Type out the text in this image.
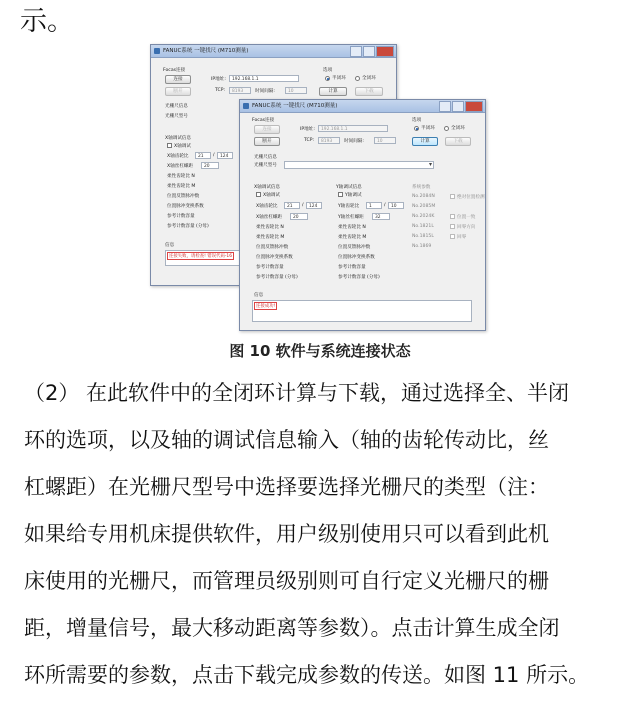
示。
FANUC系统 一键找尺 (M710测量)
Focas连接
连接	IP地址:	192.168.1.1
断开	TCP:	8193	时间间隔:	10
选项
半闭环	全闭环
计算	下载
光栅尺信息
光栅尺型号
X轴调试信息
X轴调试
X轴齿轮比	21	/	124
X轴丝杠螺距	20
柔性齿轮比 N
柔性齿轮比 M
位置反馈脉冲数
位置脉冲变换系数
参考计数容量
参考计数容量 (分母)
信息
连接失败，请检查! 错误代码-16
FANUC系统 一键找尺 (M710测量)
Focas连接
连接	IP地址:	192.168.1.1
断开	TCP:	8193	时间间隔:	10
选项
半闭环	全闭环
计算	下载
光栅尺信息
光栅尺型号
▾
X轴调试信息
X轴调试
X轴齿轮比	21	/	124
X轴丝杠螺距	20
柔性齿轮比 N
柔性齿轮比 M
位置反馈脉冲数
位置脉冲变换系数
参考计数容量
参考计数容量 (分母)
Y轴调试信息
Y轴调试
Y轴齿轮比	1	/	10
Y轴丝杠螺距	32
柔性齿轮比 N
柔性齿轮比 M
位置反馈脉冲数
位置脉冲变换系数
参考计数容量
参考计数容量 (分母)
系统参数
No.2084N
No.2085M
No.2024K
No.1821L
No.1815L
No.1869
绝对位置检测
位置一致
回零方向
回零
信息
连接成功!
图 10 软件与系统连接状态
（2） 在此软件中的全闭环计算与下载，通过选择全、半闭
环的选项，以及轴的调试信息输入（轴的齿轮传动比，丝
杠螺距）在光栅尺型号中选择要选择光栅尺的类型（注：
如果给专用机床提供软件，用户级别使用只可以看到此机
床使用的光栅尺，而管理员级别则可自行定义光栅尺的栅
距，增量信号，最大移动距离等参数）。点击计算生成全闭
环所需要的参数，点击下载完成参数的传送。如图 11 所示。
